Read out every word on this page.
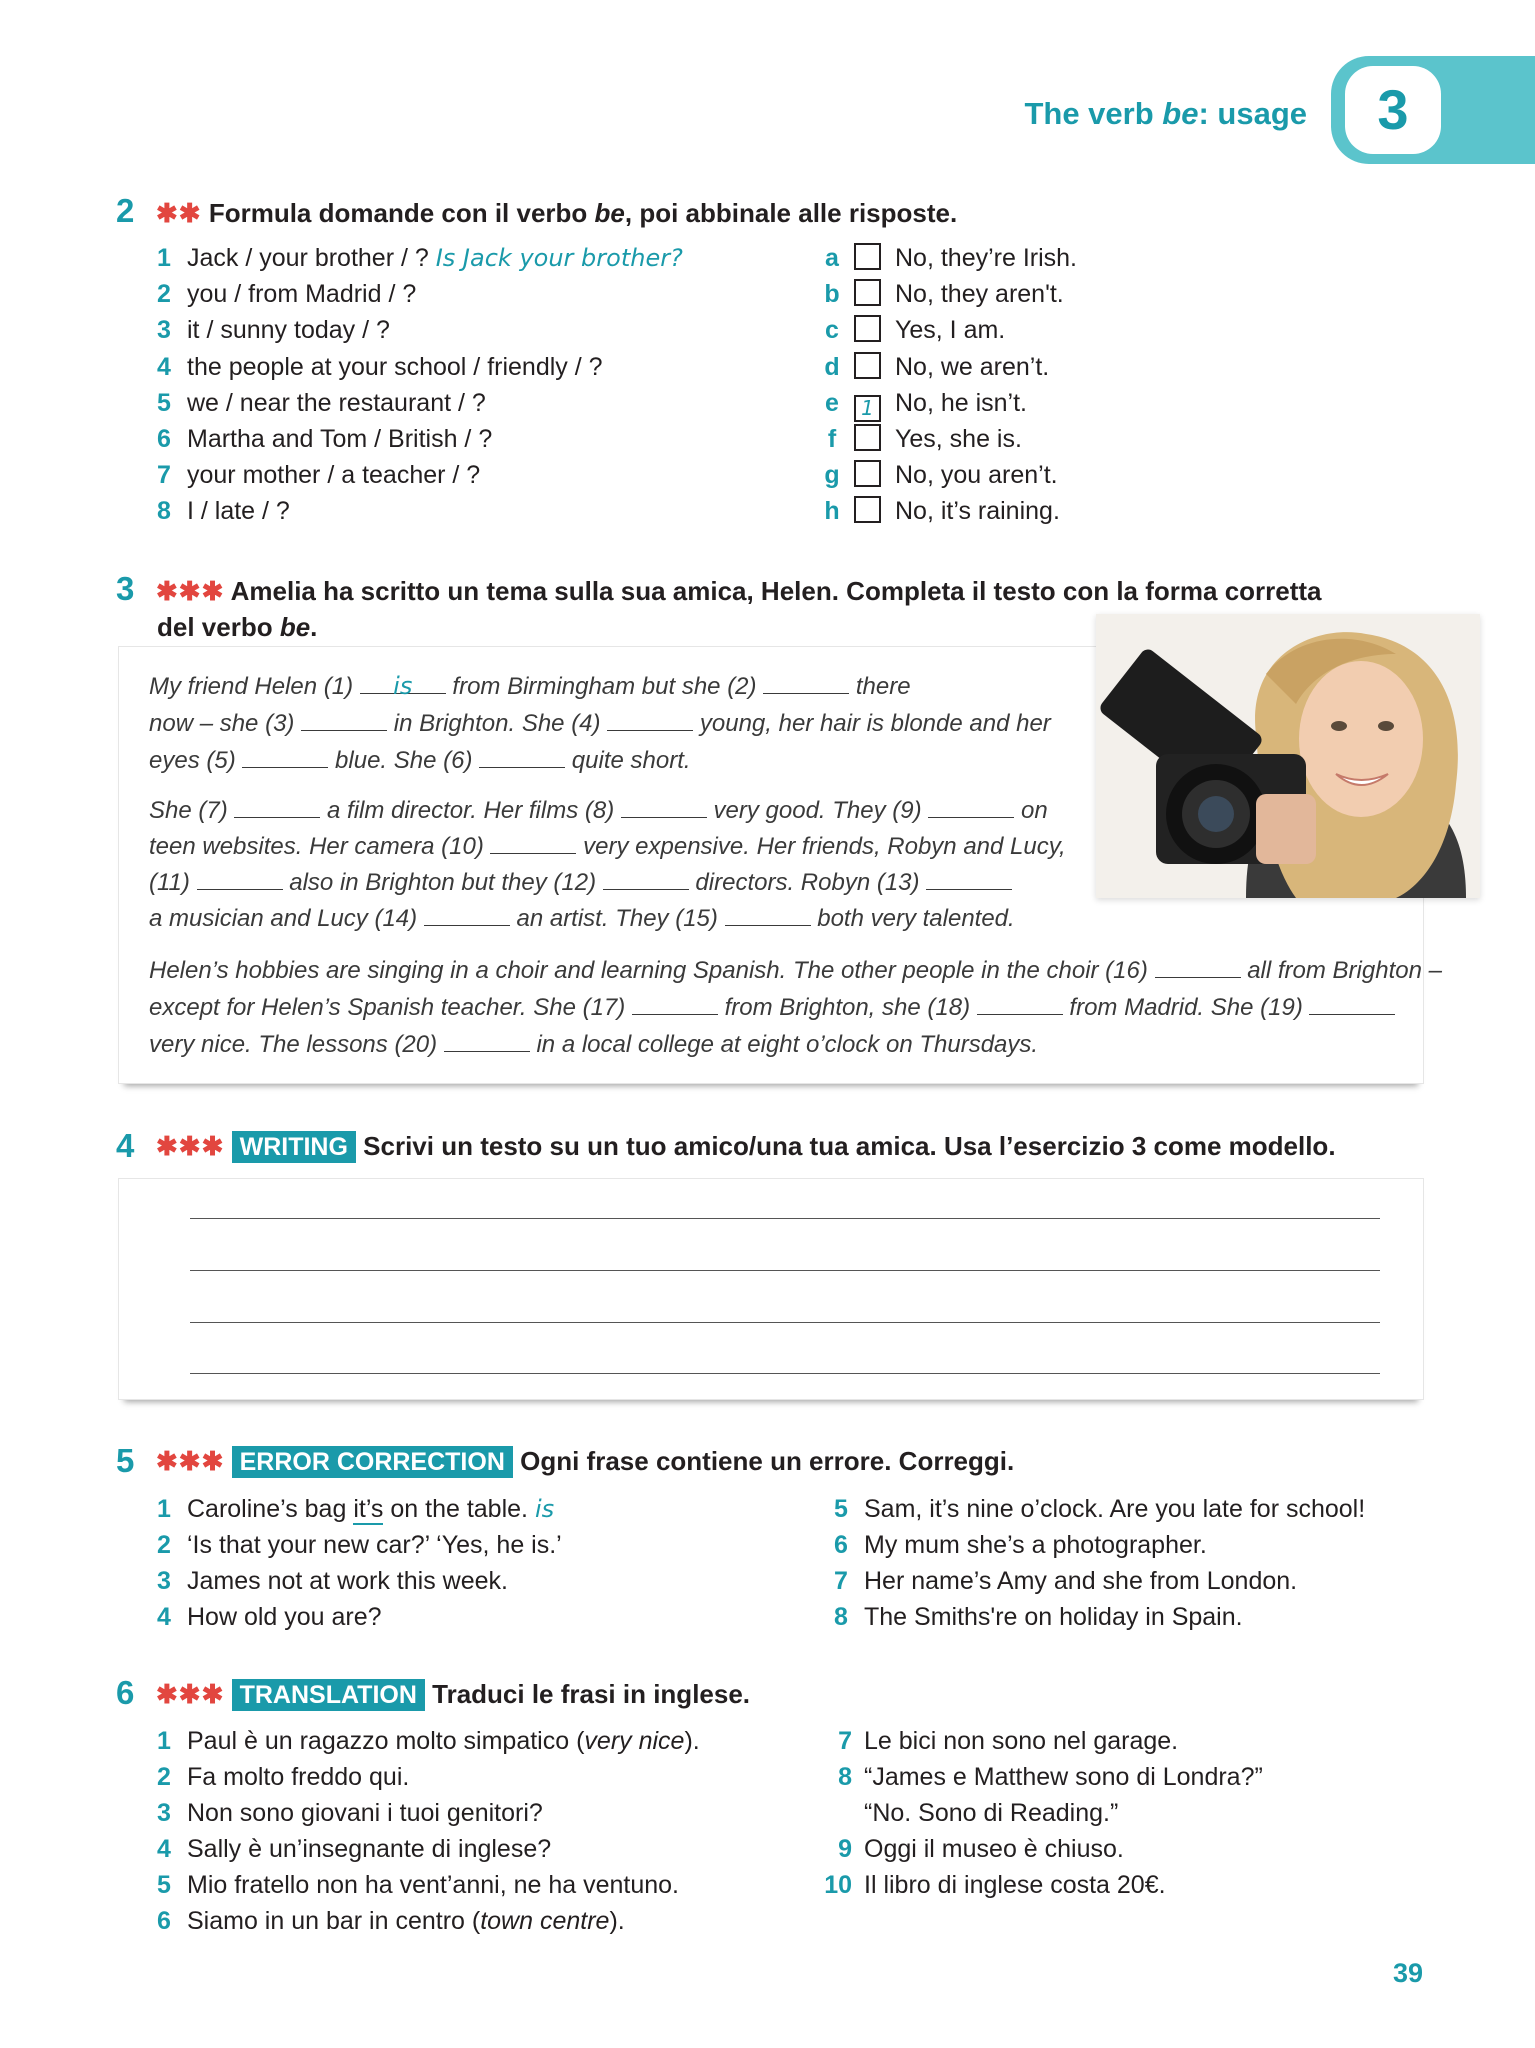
The verb be: usage	3
2 ✱✱ Formula domande con il verbo be, poi abbinale alle risposte.
1 Jack / your brother / ? Is Jack your brother?
2 you / from Madrid / ?
3 it / sunny today / ?
4 the people at your school / friendly / ?
5 we / near the restaurant / ?
6 Martha and Tom / British / ?
7 your mother / a teacher / ?
8 I / late / ?
a No, they’re Irish.
b No, they aren't.
c Yes, I am.
d No, we aren’t.
e 1 No, he isn’t.
f Yes, she is.
g No, you aren’t.
h No, it’s raining.
3 ✱✱✱ Amelia ha scritto un tema sulla sua amica, Helen. Completa il testo con la forma corretta
del verbo be.

My friend Helen (1) is from Birmingham but she (2)	there

now – she (3)	in Brighton. She (4)	young, her hair is blonde and her

eyes (5)	blue. She (6)	quite short.

She (7)	a film director. Her films (8)	very good. They (9)	on

teen websites. Her camera (10)	very expensive. Her friends, Robyn and Lucy,

(11)	also in Brighton but they (12)	directors. Robyn (13)

a musician and Lucy (14)	an artist. They (15)	both very talented.

Helen’s hobbies are singing in a choir and learning Spanish. The other people in the choir (16)	all from Brighton –

except for Helen’s Spanish teacher. She (17)	from Brighton, she (18)	from Madrid. She (19)

very nice. The lessons (20)	in a local college at eight o’clock on Thursdays.

4 ✱✱✱ WRITING Scrivi un testo su un tuo amico/una tua amica. Usa l’esercizio 3 come modello.
5 ✱✱✱ ERROR CORRECTION Ogni frase contiene un errore. Correggi.
1 Caroline’s bag it’s on the table. is
2 ‘Is that your new car?’ ‘Yes, he is.’
3 James not at work this week.
4 How old you are?
5 Sam, it’s nine o’clock. Are you late for school!
6 My mum she’s a photographer.
7 Her name’s Amy and she from London.
8 The Smiths're on holiday in Spain.
6 ✱✱✱ TRANSLATION Traduci le frasi in inglese.
1 Paul è un ragazzo molto simpatico (very nice).
2 Fa molto freddo qui.
3 Non sono giovani i tuoi genitori?
4 Sally è un’insegnante di inglese?
5 Mio fratello non ha vent’anni, ne ha ventuno.
6 Siamo in un bar in centro (town centre).
7 Le bici non sono nel garage.
8 “James e Matthew sono di Londra?”
“No. Sono di Reading.”
9 Oggi il museo è chiuso.
10 Il libro di inglese costa 20€.
39
